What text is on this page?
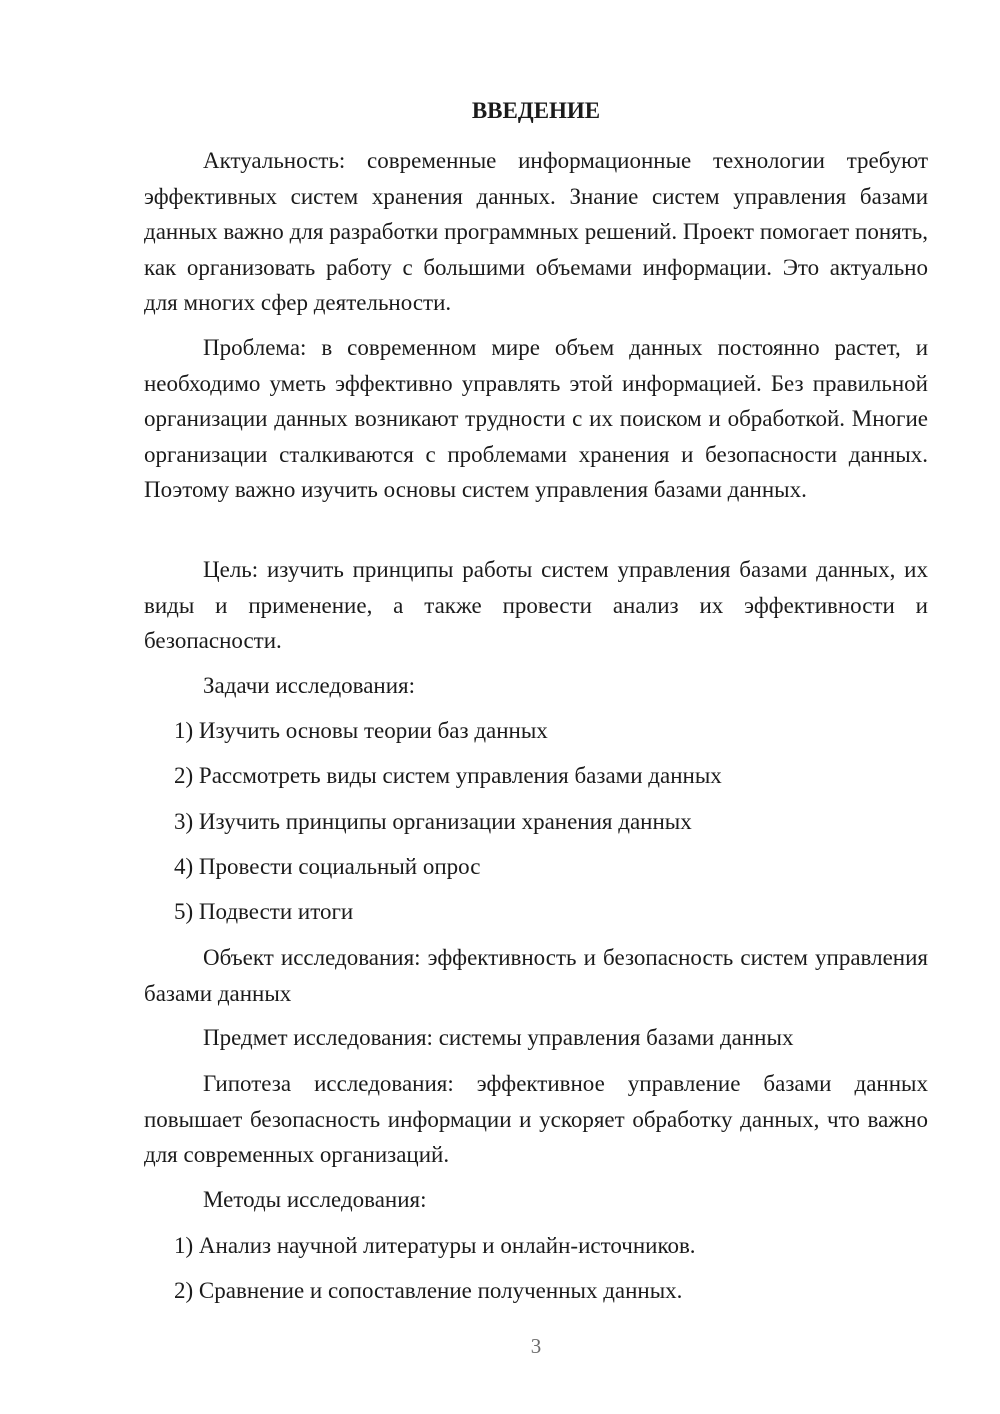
ВВЕДЕНИЕ

Актуальность: современные информационные технологии требуют эффективных систем хранения данных. Знание систем управления базами данных важно для разработки программных решений. Проект помогает понять, как организовать работу с большими объемами информации. Это актуально для многих сфер деятельности.

Проблема: в современном мире объем данных постоянно растет, и необходимо уметь эффективно управлять этой информацией. Без правильной организации данных возникают трудности с их поиском и обработкой. Многие организации сталкиваются с проблемами хранения и безопасности данных. Поэтому важно изучить основы систем управления базами данных.

Цель: изучить принципы работы систем управления базами данных, их виды и применение, а также провести анализ их эффективности и безопасности.

Задачи исследования:

1) Изучить основы теории баз данных

2) Рассмотреть виды систем управления базами данных

3) Изучить принципы организации хранения данных

4) Провести социальный опрос

5) Подвести итоги

Объект исследования: эффективность и безопасность систем управления базами данных

Предмет исследования: системы управления базами данных

Гипотеза исследования: эффективное управление базами данных повышает безопасность информации и ускоряет обработку данных, что важно для современных организаций.

Методы исследования:

1) Анализ научной литературы и онлайн-источников.

2) Сравнение и сопоставление полученных данных.

3
